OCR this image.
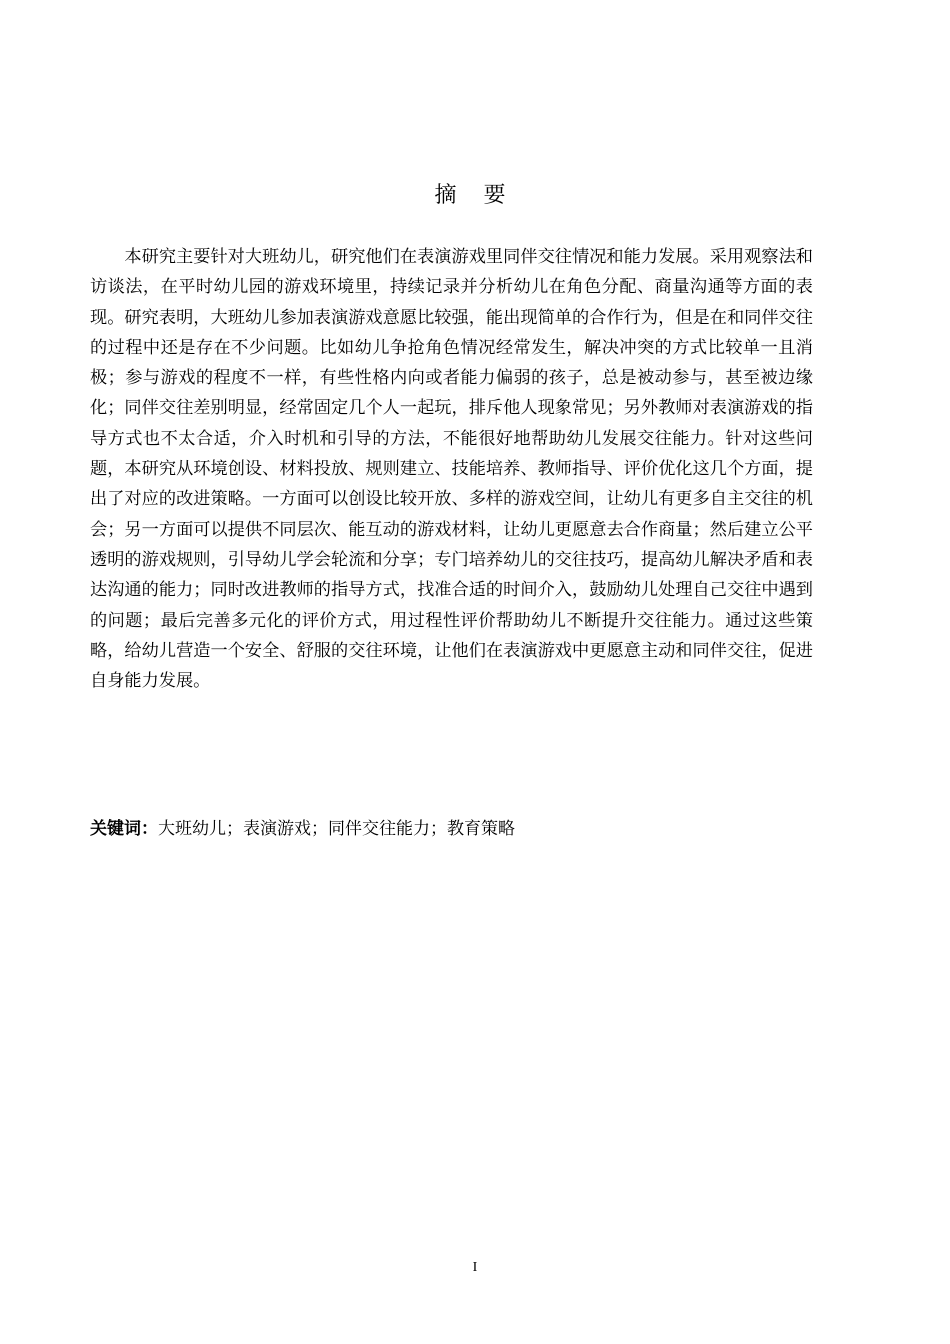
摘 要

本研究主要针对大班幼儿，研究他们在表演游戏里同伴交往情况和能力发展。采用观察法和访谈法，在平时幼儿园的游戏环境里，持续记录并分析幼儿在角色分配、商量沟通等方面的表现。研究表明，大班幼儿参加表演游戏意愿比较强，能出现简单的合作行为，但是在和同伴交往的过程中还是存在不少问题。比如幼儿争抢角色情况经常发生，解决冲突的方式比较单一且消极；参与游戏的程度不一样，有些性格内向或者能力偏弱的孩子，总是被动参与，甚至被边缘化；同伴交往差别明显，经常固定几个人一起玩，排斥他人现象常见；另外教师对表演游戏的指导方式也不太合适，介入时机和引导的方法，不能很好地帮助幼儿发展交往能力。针对这些问题，本研究从环境创设、材料投放、规则建立、技能培养、教师指导、评价优化这几个方面，提出了对应的改进策略。一方面可以创设比较开放、多样的游戏空间，让幼儿有更多自主交往的机会；另一方面可以提供不同层次、能互动的游戏材料，让幼儿更愿意去合作商量；然后建立公平透明的游戏规则，引导幼儿学会轮流和分享；专门培养幼儿的交往技巧，提高幼儿解决矛盾和表达沟通的能力；同时改进教师的指导方式，找准合适的时间介入，鼓励幼儿处理自己交往中遇到的问题；最后完善多元化的评价方式，用过程性评价帮助幼儿不断提升交往能力。通过这些策略，给幼儿营造一个安全、舒服的交往环境，让他们在表演游戏中更愿意主动和同伴交往，促进自身能力发展。

关键词：大班幼儿；表演游戏；同伴交往能力；教育策略

I
